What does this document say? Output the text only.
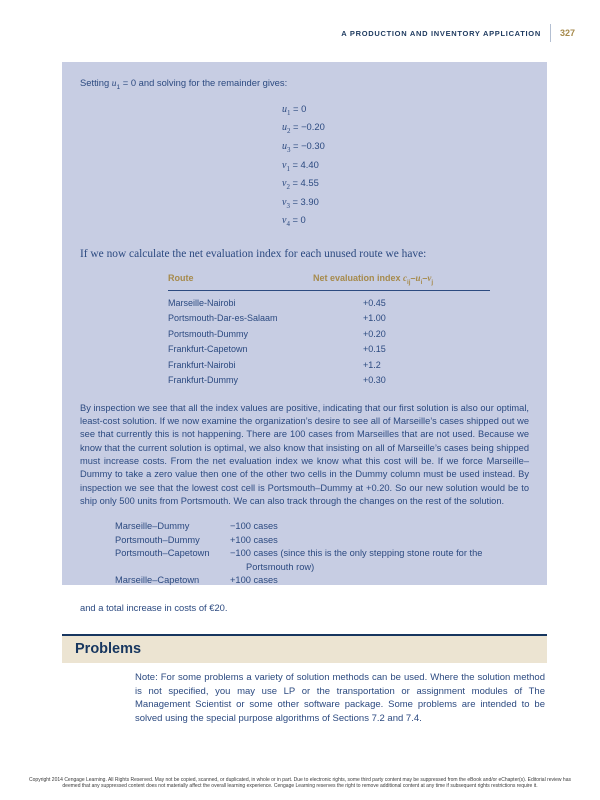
A PRODUCTION AND INVENTORY APPLICATION 327

Setting $u_1 = 0$ and solving for the remainder gives:

$u_1 = 0$
$u_2 = -0.20$
$u_3 = -0.30$
$v_1 = 4.40$
$v_2 = 4.55$
$v_3 = 3.90$
$v_4 = 0$

If we now calculate the net evaluation index for each unused route we have:

Route	Net evaluation index $c_{ij}-u_i-v_j$
Marseille-Nairobi	+0.45
Portsmouth-Dar-es-Salaam	+1.00
Portsmouth-Dummy	+0.20
Frankfurt-Capetown	+0.15
Frankfurt-Nairobi	+1.2
Frankfurt-Dummy	+0.30

By inspection we see that all the index values are positive, indicating that our first solution is also our optimal, least-cost solution. If we now examine the organization’s desire to see all of Marseille’s cases shipped out we see that currently this is not happening. There are 100 cases from Marseilles that are not used. Because we know that the current solution is optimal, we also know that insisting on all of Marseille’s cases being shipped must increase costs. From the net evaluation index we know what this cost will be. If we force Marseille–Dummy to take a zero value then one of the other two cells in the Dummy column must be used instead. By inspection we see that the lowest cost cell is Portsmouth–Dummy at +0.20. So our new solution would be to ship only 500 units from Portsmouth. We can also track through the changes on the rest of the solution.

Marseille–Dummy	−100 cases
Portsmouth–Dummy	+100 cases
Portsmouth–Capetown	−100 cases (since this is the only stepping stone route for the Portsmouth row)
Marseille–Capetown	+100 cases

and a total increase in costs of €20.

Problems

Note: For some problems a variety of solution methods can be used. Where the solution method is not specified, you may use LP or the transportation or assignment modules of The Management Scientist or some other software package. Some problems are intended to be solved using the special purpose algorithms of Sections 7.2 and 7.4.

Copyright 2014 Cengage Learning. All Rights Reserved. May not be copied, scanned, or duplicated, in whole or in part. Due to electronic rights, some third party content may be suppressed from the eBook and/or eChapter(s). Editorial review has
deemed that any suppressed content does not materially affect the overall learning experience. Cengage Learning reserves the right to remove additional content at any time if subsequent rights restrictions require it.
